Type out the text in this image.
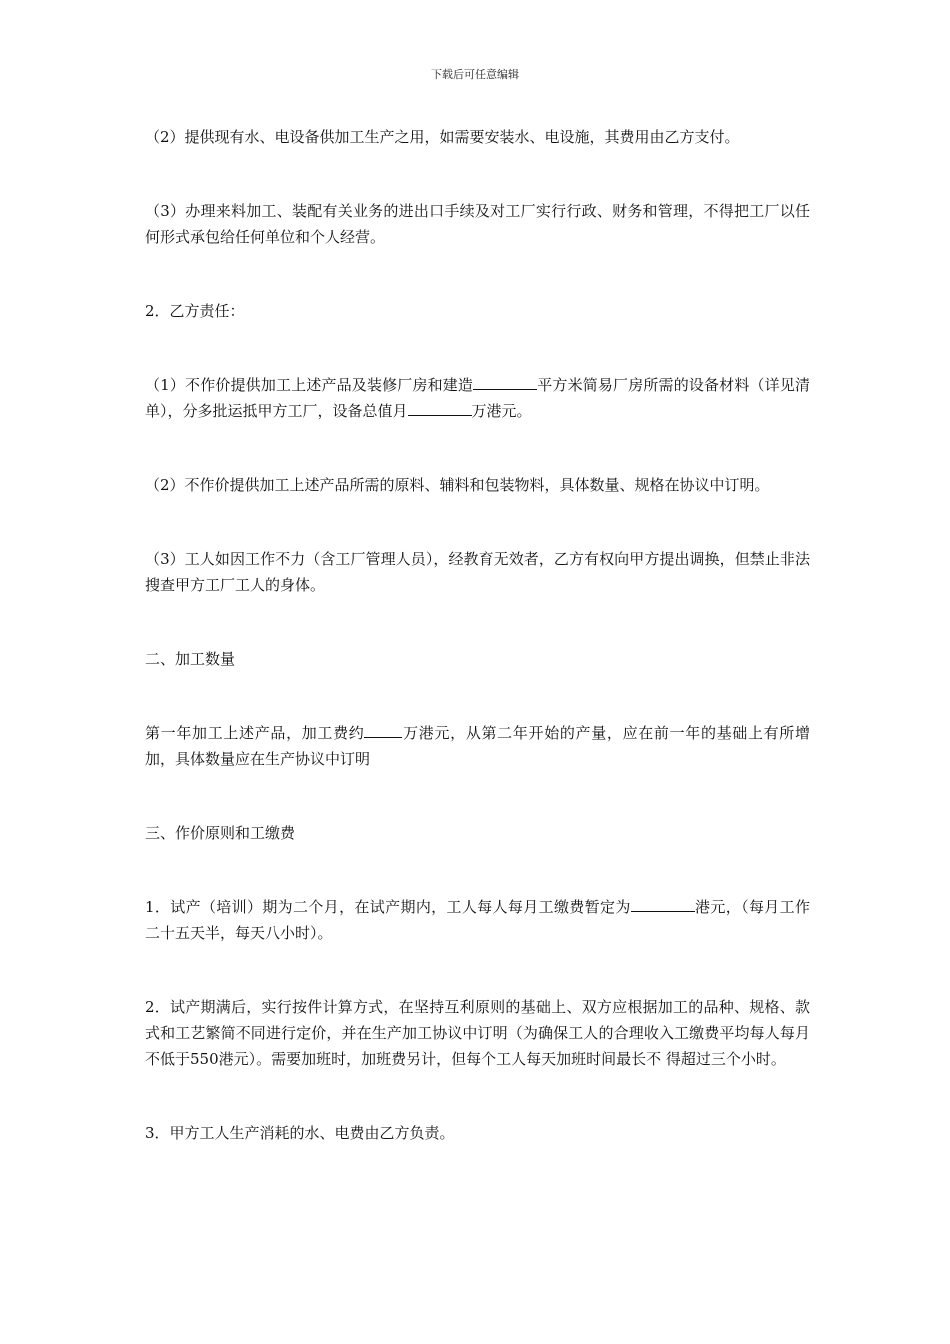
下载后可任意编辑

（2）提供现有水、电设备供加工生产之用，如需要安装水、电设施，其费用由乙方支付。

（3）办理来料加工、装配有关业务的进出口手续及对工厂实行行政、财务和管理，不得把工厂以任何形式承包给任何单位和个人经营。

2．乙方责任：

（1）不作价提供加工上述产品及装修厂房和建造	平方米简易厂房所需的设备材料（详见清单），分多批运抵甲方工厂，设备总值月	万港元。

（2）不作价提供加工上述产品所需的原料、辅料和包装物料，具体数量、规格在协议中订明。

（3）工人如因工作不力（含工厂管理人员），经教育无效者，乙方有权向甲方提出调换，但禁止非法搜查甲方工厂工人的身体。

二、加工数量

第一年加工上述产品，加工费约	万港元，从第二年开始的产量，应在前一年的基础上有所增加，具体数量应在生产协议中订明

三、作价原则和工缴费

1．试产（培训）期为二个月，在试产期内，工人每人每月工缴费暂定为	港元，（每月工作二十五天半，每天八小时）。

2．试产期满后，实行按件计算方式，在坚持互利原则的基础上、双方应根据加工的品种、规格、款式和工艺繁简不同进行定价，并在生产加工协议中订明（为确保工人的合理收入工缴费平均每人每月不低于550港元）。需要加班时，加班费另计，但每个工人每天加班时间最长不 得超过三个小时。

3．甲方工人生产消耗的水、电费由乙方负责。
